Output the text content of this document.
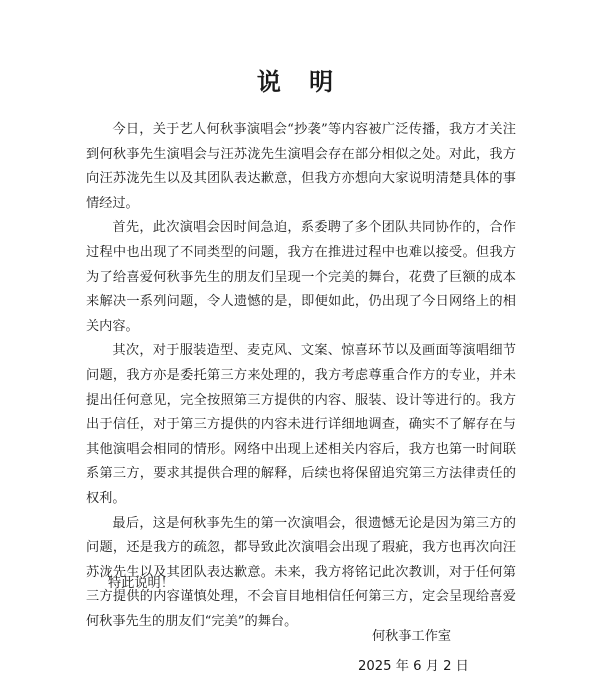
说 明

今日，关于艺人何秋亊演唱会“抄袭”等内容被广泛传播，我方才关注到何秋亊先生演唱会与汪苏泷先生演唱会存在部分相似之处。对此，我方向汪苏泷先生以及其团队表达歉意，但我方亦想向大家说明清楚具体的事情经过。

首先，此次演唱会因时间急迫，系委聘了多个团队共同协作的，合作过程中也出现了不同类型的问题，我方在推进过程中也难以接受。但我方为了给喜爱何秋亊先生的朋友们呈现一个完美的舞台，花费了巨额的成本来解决一系列问题，令人遗憾的是，即便如此，仍出现了今日网络上的相关内容。

其次，对于服装造型、麦克风、文案、惊喜环节以及画面等演唱细节问题，我方亦是委托第三方来处理的，我方考虑尊重合作方的专业，并未提出任何意见，完全按照第三方提供的内容、服装、设计等进行的。我方出于信任，对于第三方提供的内容未进行详细地调查，确实不了解存在与其他演唱会相同的情形。网络中出现上述相关内容后，我方也第一时间联系第三方，要求其提供合理的解释，后续也将保留追究第三方法律责任的权利。

最后，这是何秋亊先生的第一次演唱会，很遗憾无论是因为第三方的问题，还是我方的疏忽，都导致此次演唱会出现了瑕疵，我方也再次向汪苏泷先生以及其团队表达歉意。未来，我方将铭记此次教训，对于任何第三方提供的内容谨慎处理，不会盲目地相信任何第三方，定会呈现给喜爱何秋亊先生的朋友们“完美”的舞台。

特此说明！
何秋亊工作室
2025 年 6 月 2 日
